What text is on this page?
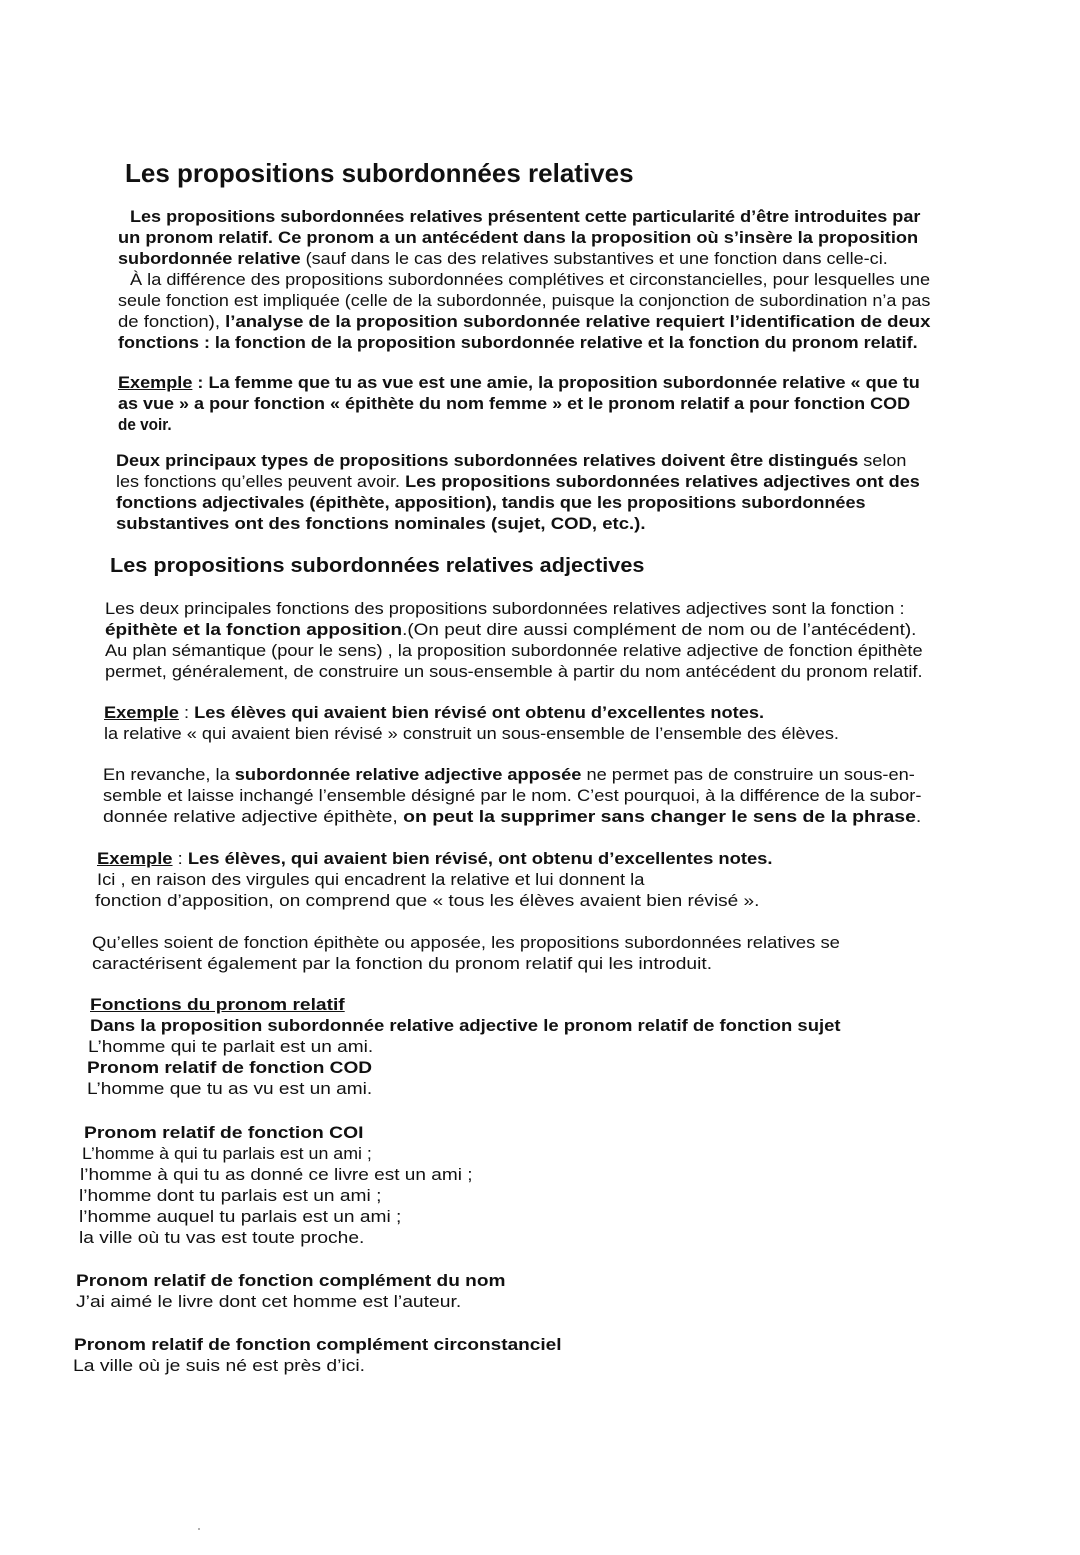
Les propositions subordonnées relatives
Les propositions subordonnées relatives présentent cette particularité d’être introduites par
un pronom relatif. Ce pronom a un antécédent dans la proposition où s’insère la proposition
subordonnée relative (sauf dans le cas des relatives substantives et une fonction dans celle-ci.
À la différence des propositions subordonnées complétives et circonstancielles, pour lesquelles une
seule fonction est impliquée (celle de la subordonnée, puisque la conjonction de subordination n’a pas
de fonction), l’analyse de la proposition subordonnée relative requiert l’identification de deux
fonctions : la fonction de la proposition subordonnée relative et la fonction du pronom relatif.
Exemple : La femme que tu as vue est une amie, la proposition subordonnée relative « que tu
as vue » a pour fonction « épithète du nom femme » et le pronom relatif a pour fonction COD
de voir.
Deux principaux types de propositions subordonnées relatives doivent être distingués selon
les fonctions qu’elles peuvent avoir. Les propositions subordonnées relatives adjectives ont des
fonctions adjectivales (épithète, apposition), tandis que les propositions subordonnées
substantives ont des fonctions nominales (sujet, COD, etc.).
Les propositions subordonnées relatives adjectives
Les deux principales fonctions des propositions subordonnées relatives adjectives sont la fonction :
épithète et la fonction apposition.(On peut dire aussi complément de nom ou de l’antécédent).
Au plan sémantique (pour le sens) , la proposition subordonnée relative adjective de fonction épithète
permet, généralement, de construire un sous-ensemble à partir du nom antécédent du pronom relatif.
Exemple : Les élèves qui avaient bien révisé ont obtenu d’excellentes notes.
la relative « qui avaient bien révisé » construit un sous-ensemble de l’ensemble des élèves.
En revanche, la subordonnée relative adjective apposée ne permet pas de construire un sous-en-
semble et laisse inchangé l’ensemble désigné par le nom. C’est pourquoi, à la différence de la subor-
donnée relative adjective épithète, on peut la supprimer sans changer le sens de la phrase.
Exemple : Les élèves, qui avaient bien révisé, ont obtenu d’excellentes notes.
Ici , en raison des virgules qui encadrent la relative et lui donnent la
fonction d’apposition, on comprend que « tous les élèves avaient bien révisé ».
Qu’elles soient de fonction épithète ou apposée, les propositions subordonnées relatives se
caractérisent également par la fonction du pronom relatif qui les introduit.
Fonctions du pronom relatif
Dans la proposition subordonnée relative adjective le pronom relatif de fonction sujet
L’homme qui te parlait est un ami.
Pronom relatif de fonction COD
L’homme que tu as vu est un ami.
Pronom relatif de fonction COI
L’homme à qui tu parlais est un ami ;
l’homme à qui tu as donné ce livre est un ami ;
l’homme dont tu parlais est un ami ;
l’homme auquel tu parlais est un ami ;
la ville où tu vas est toute proche.
Pronom relatif de fonction complément du nom
J’ai aimé le livre dont cet homme est l’auteur.
Pronom relatif de fonction complément circonstanciel
La ville où je suis né est près d’ici.
